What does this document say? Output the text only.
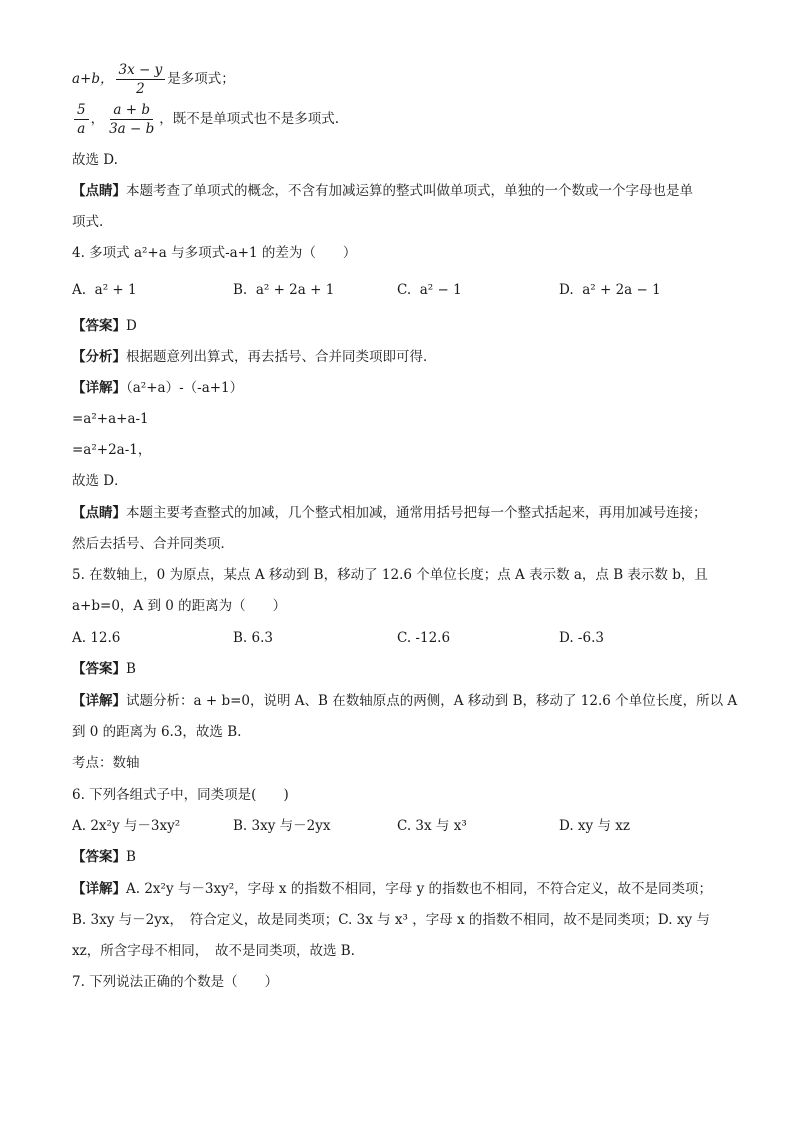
a+b， $\frac{3x - y}{2}$ 是多项式；
$\frac{5}{a}$ ， $\frac{a + b}{3a - b}$ ，既不是单项式也不是多项式.
故选 D.
【点睛】本题考查了单项式的概念，不含有加减运算的整式叫做单项式，单独的一个数或一个字母也是单
项式.
4. 多项式 a²+a 与多项式-a+1 的差为（　　）
A. a² + 1	B. a² + 2a + 1	C. a² − 1	D. a² + 2a − 1
【答案】D
【分析】根据题意列出算式，再去括号、合并同类项即可得．
【详解】（a²+a）-（-a+1）
=a²+a+a-1
=a²+2a-1，
故选 D．
【点睛】本题主要考查整式的加减，几个整式相加减，通常用括号把每一个整式括起来，再用加减号连接；
然后去括号、合并同类项．
5. 在数轴上，0 为原点，某点 A 移动到 B，移动了 12.6 个单位长度；点 A 表示数 a，点 B 表示数 b，且
a+b=0，A 到 0 的距离为（　　）
A. 12.6	B. 6.3	C. -12.6	D. -6.3
【答案】B
【详解】试题分析：a + b=0，说明 A、B 在数轴原点的两侧，A 移动到 B，移动了 12.6 个单位长度，所以 A
到 0 的距离为 6.3，故选 B.
考点：数轴
6. 下列各组式子中，同类项是(　　)
A. 2x²y 与－3xy²	B. 3xy 与－2yx	C. 3x 与 x³	D. xy 与 xz
【答案】B
【详解】A. 2x²y 与－3xy²，字母 x 的指数不相同，字母 y 的指数也不相同，不符合定义，故不是同类项；
B. 3xy 与－2yx，　符合定义，故是同类项；C. 3x 与 x³ ，字母 x 的指数不相同，故不是同类项；D. xy 与
xz，所含字母不相同，　故不是同类项，故选 B.
7. 下列说法正确的个数是（　　）
